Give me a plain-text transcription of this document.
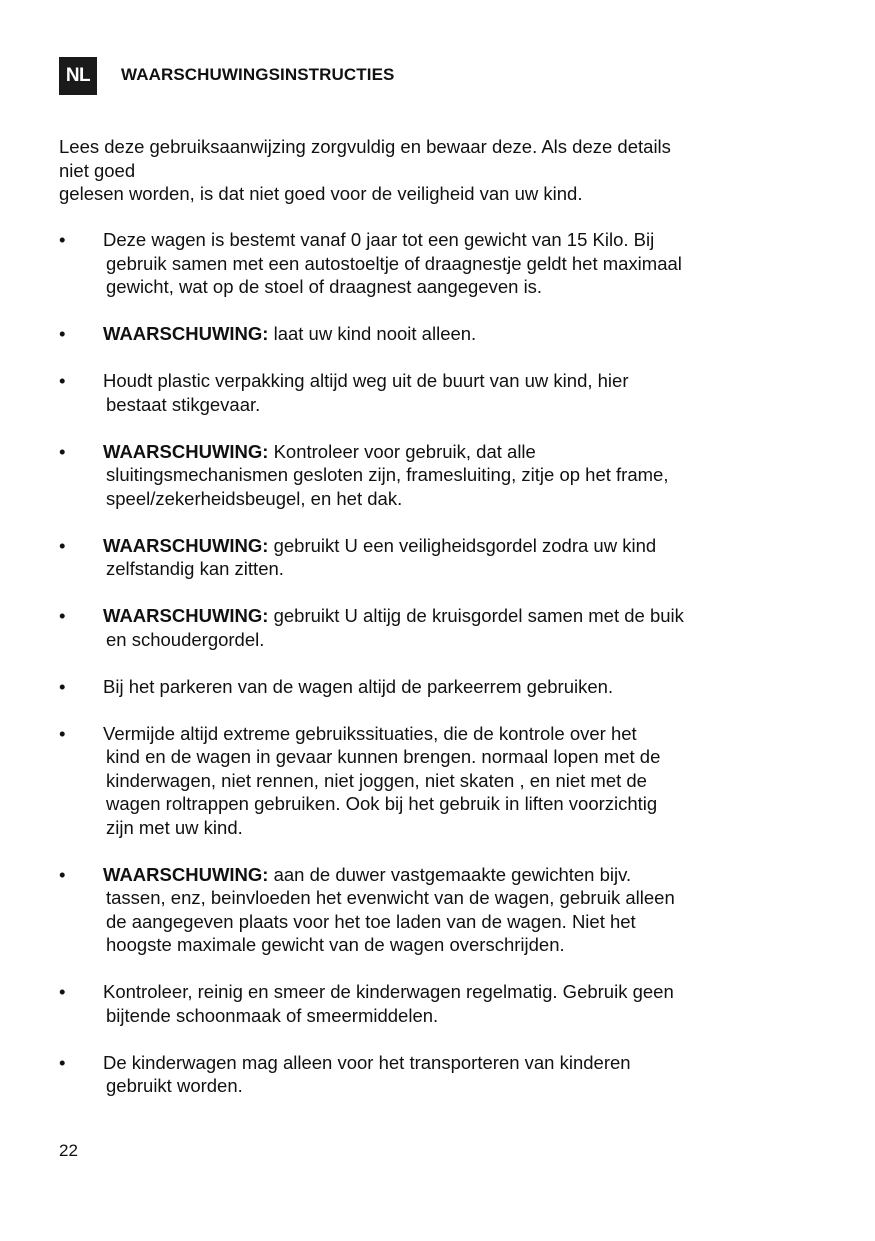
NL	WAARSCHUWINGSINSTRUCTIES
Lees deze gebruiksaanwijzing zorgvuldig en bewaar deze. Als deze details
niet goed
gelesen worden, is dat niet goed voor de veiligheid van uw kind.
• Deze wagen is bestemt vanaf 0 jaar tot een gewicht van 15 Kilo. Bij
gebruik samen met een autostoeltje of draagnestje geldt het maximaal
gewicht, wat op de stoel of draagnest aangegeven is.
• WAARSCHUWING: laat uw kind nooit alleen.
• Houdt plastic verpakking altijd weg uit de buurt van uw kind, hier
bestaat stikgevaar.
• WAARSCHUWING: Kontroleer voor gebruik, dat alle
sluitingsmechanismen gesloten zijn, framesluiting, zitje op het frame,
speel/zekerheidsbeugel, en het dak.
• WAARSCHUWING: gebruikt U een veiligheidsgordel zodra uw kind
zelfstandig kan zitten.
• WAARSCHUWING: gebruikt U altijg de kruisgordel samen met de buik
en schoudergordel.
• Bij het parkeren van de wagen altijd de parkeerrem gebruiken.
• Vermijde altijd extreme gebruikssituaties, die de kontrole over het
kind en de wagen in gevaar kunnen brengen. normaal lopen met de
kinderwagen, niet rennen, niet joggen, niet skaten , en niet met de
wagen roltrappen gebruiken. Ook bij het gebruik in liften voorzichtig
zijn met uw kind.
• WAARSCHUWING: aan de duwer vastgemaakte gewichten bijv.
tassen, enz, beinvloeden het evenwicht van de wagen, gebruik alleen
de aangegeven plaats voor het toe laden van de wagen. Niet het
hoogste maximale gewicht van de wagen overschrijden.
• Kontroleer, reinig en smeer de kinderwagen regelmatig. Gebruik geen
bijtende schoonmaak of smeermiddelen.
• De kinderwagen mag alleen voor het transporteren van kinderen
gebruikt worden.
22
